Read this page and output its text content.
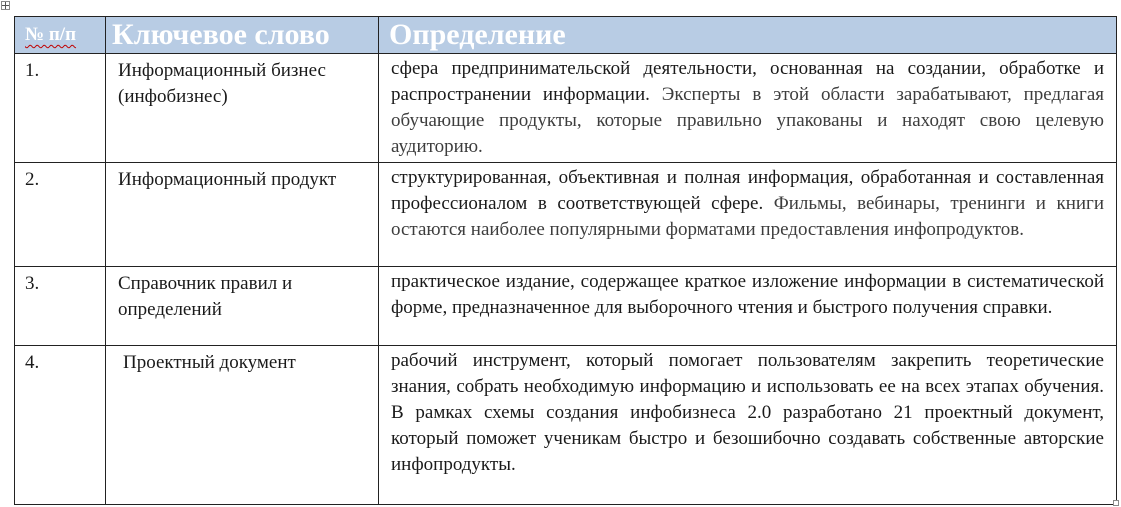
№ п/п	Ключевое слово	Определение
1.	Информационный бизнес (инфобизнес)	сфера предпринимательской деятельности, основанная на создании, обработке и распространении информации. Эксперты в этой области зарабатывают, предлагая обучающие продукты, которые правильно упакованы и находят свою целевую аудиторию.
2.	Информационный продукт	структурированная, объективная и полная информация, обработанная и составленная профессионалом в соответствующей сфере. Фильмы, вебинары, тренинги и книги остаются наиболее популярными форматами предоставления инфопродуктов.
3.	Справочник правил и определений	практическое издание, содержащее краткое изложение информации в систематической форме, предназначенное для выборочного чтения и быстрого получения справки.
4.	Проектный документ	рабочий инструмент, который помогает пользователям закрепить теоретические знания, собрать необходимую информацию и использовать ее на всех этапах обучения. В рамках схемы создания инфобизнеса 2.0 разработано 21 проектный документ, который поможет ученикам быстро и безошибочно создавать собственные авторские инфопродукты.
